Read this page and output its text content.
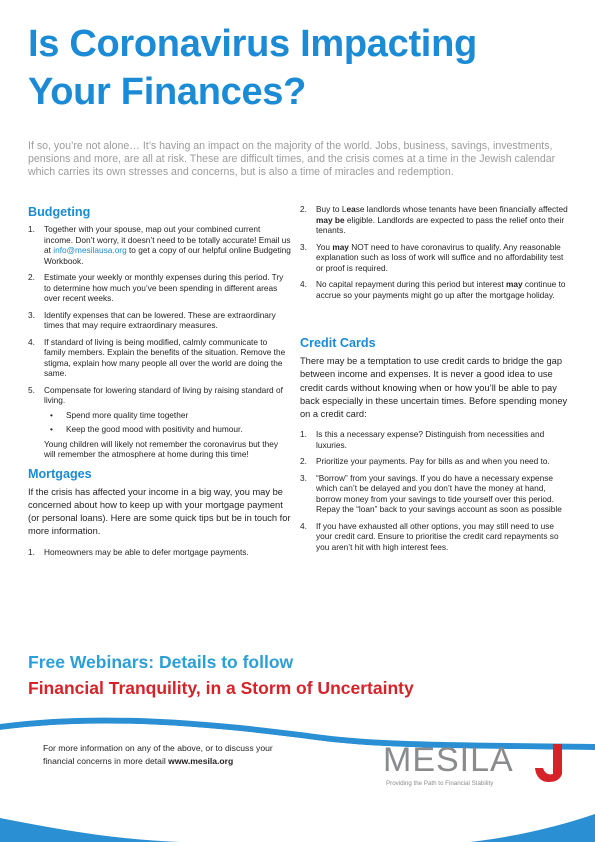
Is Coronavirus Impacting
Your Finances?

If so, you’re not alone… It’s having an impact on the majority of the world. Jobs, business, savings, investments, pensions and more, are all at risk. These are difficult times, and the crisis comes at a time in the Jewish calendar which carries its own stresses and concerns, but is also a time of miracles and redemption.

Budgeting
1. Together with your spouse, map out your combined current income. Don’t worry, it doesn’t need to be totally accurate! Email us at info@mesilausa.org to get a copy of our helpful online Budgeting Workbook.
2. Estimate your weekly or monthly expenses during this period. Try to determine how much you’ve been spending in different areas over recent weeks.
3. Identify expenses that can be lowered. These are extraordinary times that may require extraordinary measures.
4. If standard of living is being modified, calmly communicate to family members. Explain the benefits of the situation. Remove the stigma, explain how many people all over the world are doing the same.
5. Compensate for lowering standard of living by raising standard of living.
• Spend more quality time together
• Keep the good mood with positivity and humour.
Young children will likely not remember the coronavirus but they will remember the atmosphere at home during this time!
Mortgages

If the crisis has affected your income in a big way, you may be concerned about how to keep up with your mortgage payment (or personal loans). Here are some quick tips but be in touch for more information.

1. Homeowners may be able to defer mortgage payments.
2. Buy to Lease landlords whose tenants have been financially affected may be eligible. Landlords are expected to pass the relief onto their tenants.
3. You may NOT need to have coronavirus to qualify. Any reasonable explanation such as loss of work will suffice and no affordability test or proof is required.
4. No capital repayment during this period but interest may continue to accrue so your payments might go up after the mortgage holiday.
Credit Cards

There may be a temptation to use credit cards to bridge the gap between income and expenses. It is never a good idea to use credit cards without knowing when or how you’ll be able to pay back especially in these uncertain times. Before spending money on a credit card:

1. Is this a necessary expense? Distinguish from necessities and luxuries.
2. Prioritize your payments. Pay for bills as and when you need to.
3. “Borrow” from your savings. If you do have a necessary expense which can’t be delayed and you don’t have the money at hand, borrow money from your savings to tide yourself over this period. Repay the “loan” back to your savings account as soon as possible
4. If you have exhausted all other options, you may still need to use your credit card. Ensure to prioritise the credit card repayments so you aren’t hit with high interest fees.
Free Webinars: Details to follow
Financial Tranquility, in a Storm of Uncertainty

For more information on any of the above, or to discuss your
financial concerns in more detail www.mesila.org	MESILA
Providing the Path to Financial Stability
